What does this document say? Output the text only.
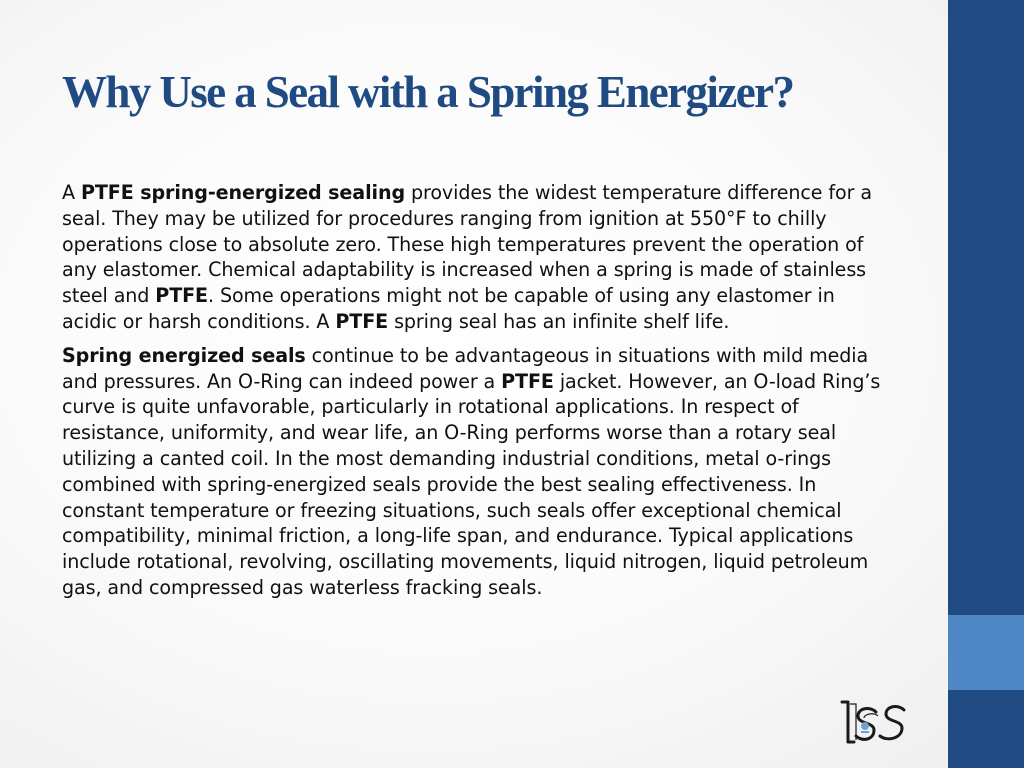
Why Use a Seal with a Spring Energizer?

A PTFE spring-energized sealing provides the widest temperature difference for a seal. They may be utilized for procedures ranging from ignition at 550°F to chilly operations close to absolute zero. These high temperatures prevent the operation of any elastomer. Chemical adaptability is increased when a spring is made of stainless steel and PTFE. Some operations might not be capable of using any elastomer in acidic or harsh conditions. A PTFE spring seal has an infinite shelf life.

Spring energized seals continue to be advantageous in situations with mild media and pressures. An O-Ring can indeed power a PTFE jacket. However, an O-load Ring’s curve is quite unfavorable, particularly in rotational applications. In respect of resistance, uniformity, and wear life, an O-Ring performs worse than a rotary seal utilizing a canted coil. In the most demanding industrial conditions, metal o-rings combined with spring-energized seals provide the best sealing effectiveness. In constant temperature or freezing situations, such seals offer exceptional chemical compatibility, minimal friction, a long-life span, and endurance. Typical applications include rotational, revolving, oscillating movements, liquid nitrogen, liquid petroleum gas, and compressed gas waterless fracking seals.
